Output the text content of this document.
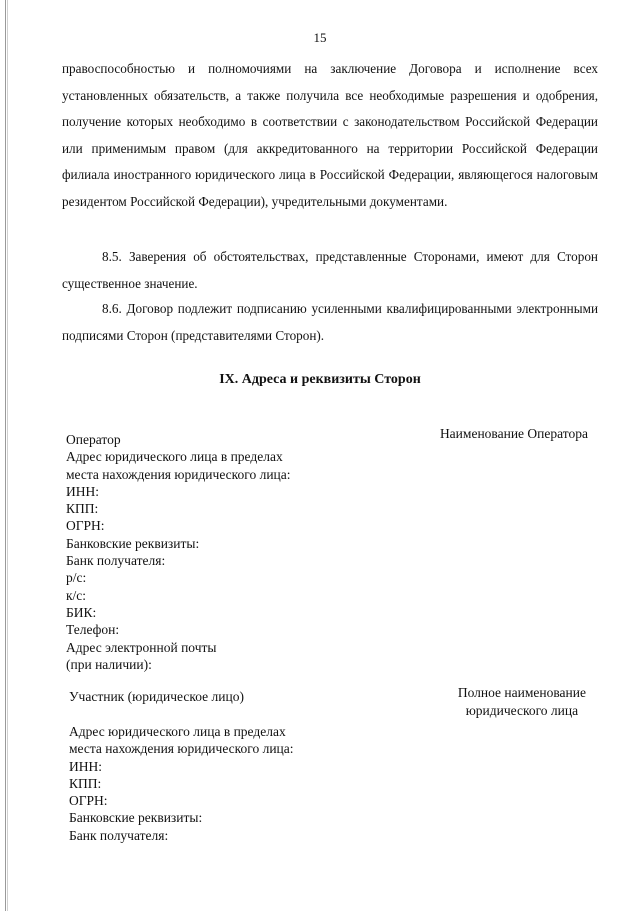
15

правоспособностью и полномочиями на заключение Договора и исполнение всех установленных обязательств, а также получила все необходимые разрешения и одобрения, получение которых необходимо в соответствии с законодательством Российской Федерации или применимым правом (для аккредитованного на территории Российской Федерации филиала иностранного юридического лица в Российской Федерации, являющегося налоговым резидентом Российской Федерации), учредительными документами.

8.5. Заверения об обстоятельствах, представленные Сторонами, имеют для Сторон существенное значение.

8.6. Договор подлежит подписанию усиленными квалифицированными электронными подписями Сторон (представителями Сторон).

IX. Адреса и реквизиты Сторон
Наименование Оператора
Оператор
Адрес юридического лица в пределах
места нахождения юридического лица:
ИНН:
КПП:
ОГРН:
Банковские реквизиты:
Банк получателя:
р/с:
к/с:
БИК:
Телефон:
Адрес электронной почты
(при наличии):
Полное наименование
юридического лица
Участник (юридическое лицо)
Адрес юридического лица в пределах
места нахождения юридического лица:
ИНН:
КПП:
ОГРН:
Банковские реквизиты:
Банк получателя:
